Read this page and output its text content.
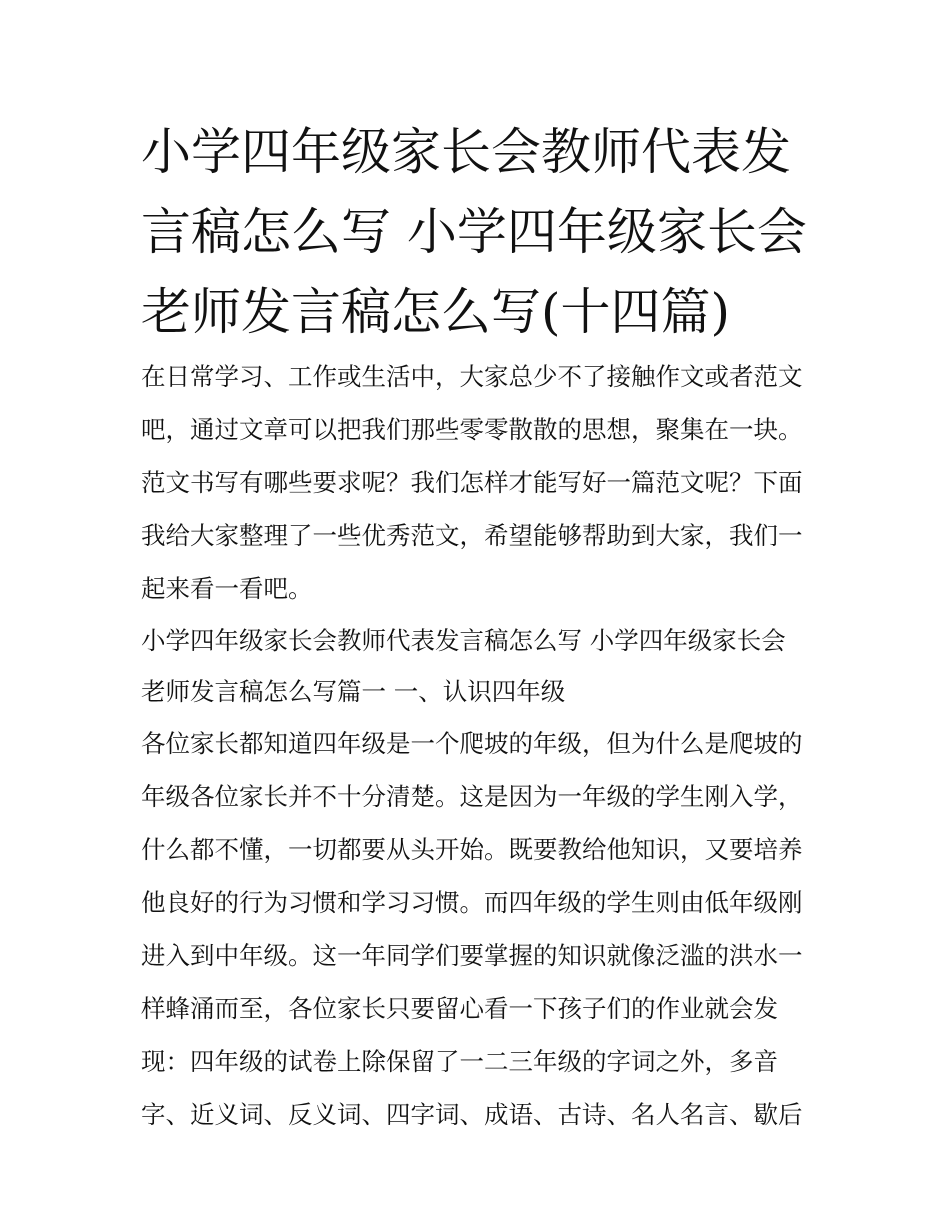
小学四年级家长会教师代表发
言稿怎么写 小学四年级家长会
老师发言稿怎么写(十四篇)
在日常学习、工作或生活中，大家总少不了接触作文或者范文
吧，通过文章可以把我们那些零零散散的思想，聚集在一块。
范文书写有哪些要求呢？我们怎样才能写好一篇范文呢？下面
我给大家整理了一些优秀范文，希望能够帮助到大家，我们一
起来看一看吧。
小学四年级家长会教师代表发言稿怎么写 小学四年级家长会
老师发言稿怎么写篇一 一、认识四年级
各位家长都知道四年级是一个爬坡的年级，但为什么是爬坡的
年级各位家长并不十分清楚。这是因为一年级的学生刚入学，
什么都不懂，一切都要从头开始。既要教给他知识，又要培养
他良好的行为习惯和学习习惯。而四年级的学生则由低年级刚
进入到中年级。这一年同学们要掌握的知识就像泛滥的洪水一
样蜂涌而至，各位家长只要留心看一下孩子们的作业就会发
现：四年级的试卷上除保留了一二三年级的字词之外，多音
字、近义词、反义词、四字词、成语、古诗、名人名言、歇后
